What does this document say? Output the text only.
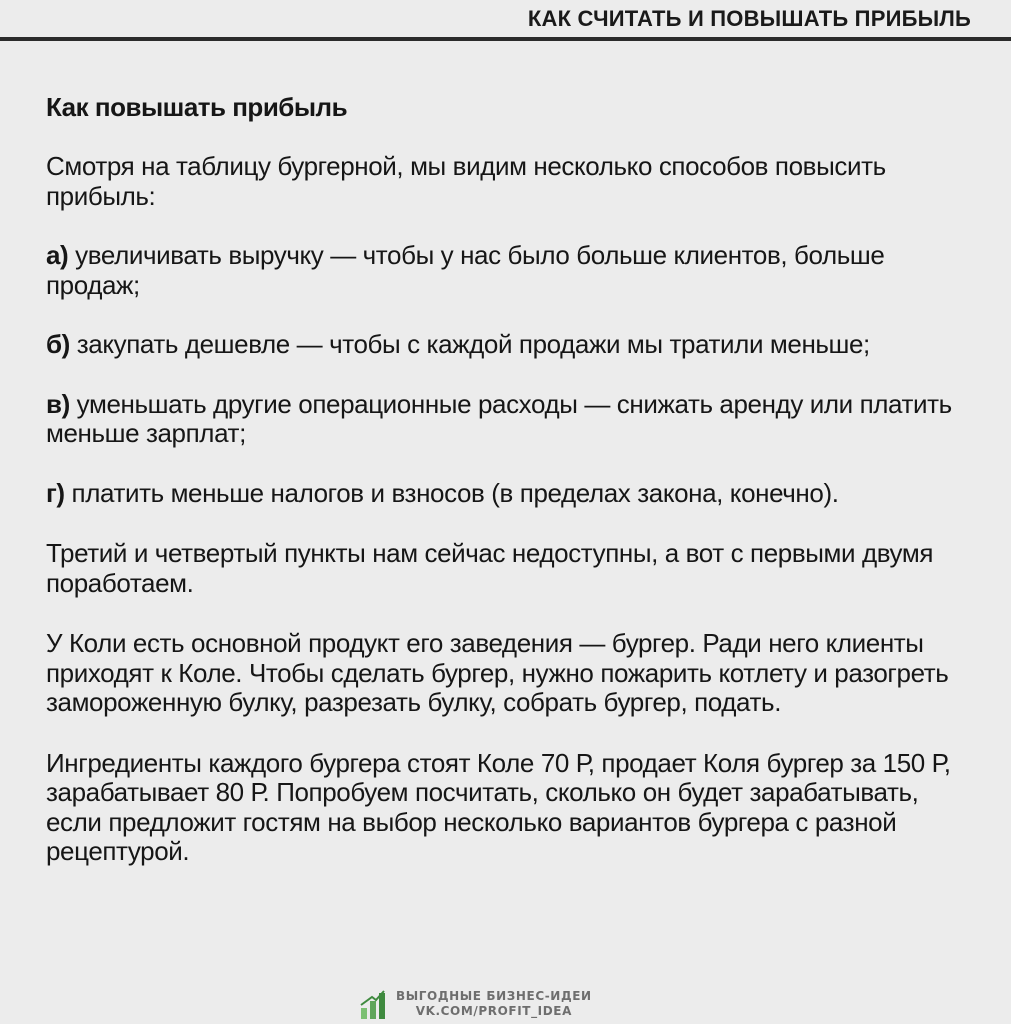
КАК СЧИТАТЬ И ПОВЫШАТЬ ПРИБЫЛЬ
Как повышать прибыль

Смотря на таблицу бургерной, мы видим несколько способов повысить прибыль:

а) увеличивать выручку — чтобы у нас было больше клиентов, больше продаж;

б) закупать дешевле — чтобы с каждой продажи мы тратили меньше;

в) уменьшать другие операционные расходы — снижать аренду или платить меньше зарплат;

г) платить меньше налогов и взносов (в пределах закона, конечно).

Третий и четвертый пункты нам сейчас недоступны, а вот с первыми двумя поработаем.

У Коли есть основной продукт его заведения — бургер. Ради него клиенты приходят к Коле. Чтобы сделать бургер, нужно пожарить котлету и разогреть замороженную булку, разрезать булку, собрать бургер, подать.

Ингредиенты каждого бургера стоят Коле 70 Р, продает Коля бургер за 150 Р, зарабатывает 80 Р. Попробуем посчитать, сколько он будет зарабатывать, если предложит гостям на выбор несколько вариантов бургера с разной рецептурой.

ВЫГОДНЫЕ БИЗНЕС-ИДЕИ
VK.COM/PROFIT_IDEA
